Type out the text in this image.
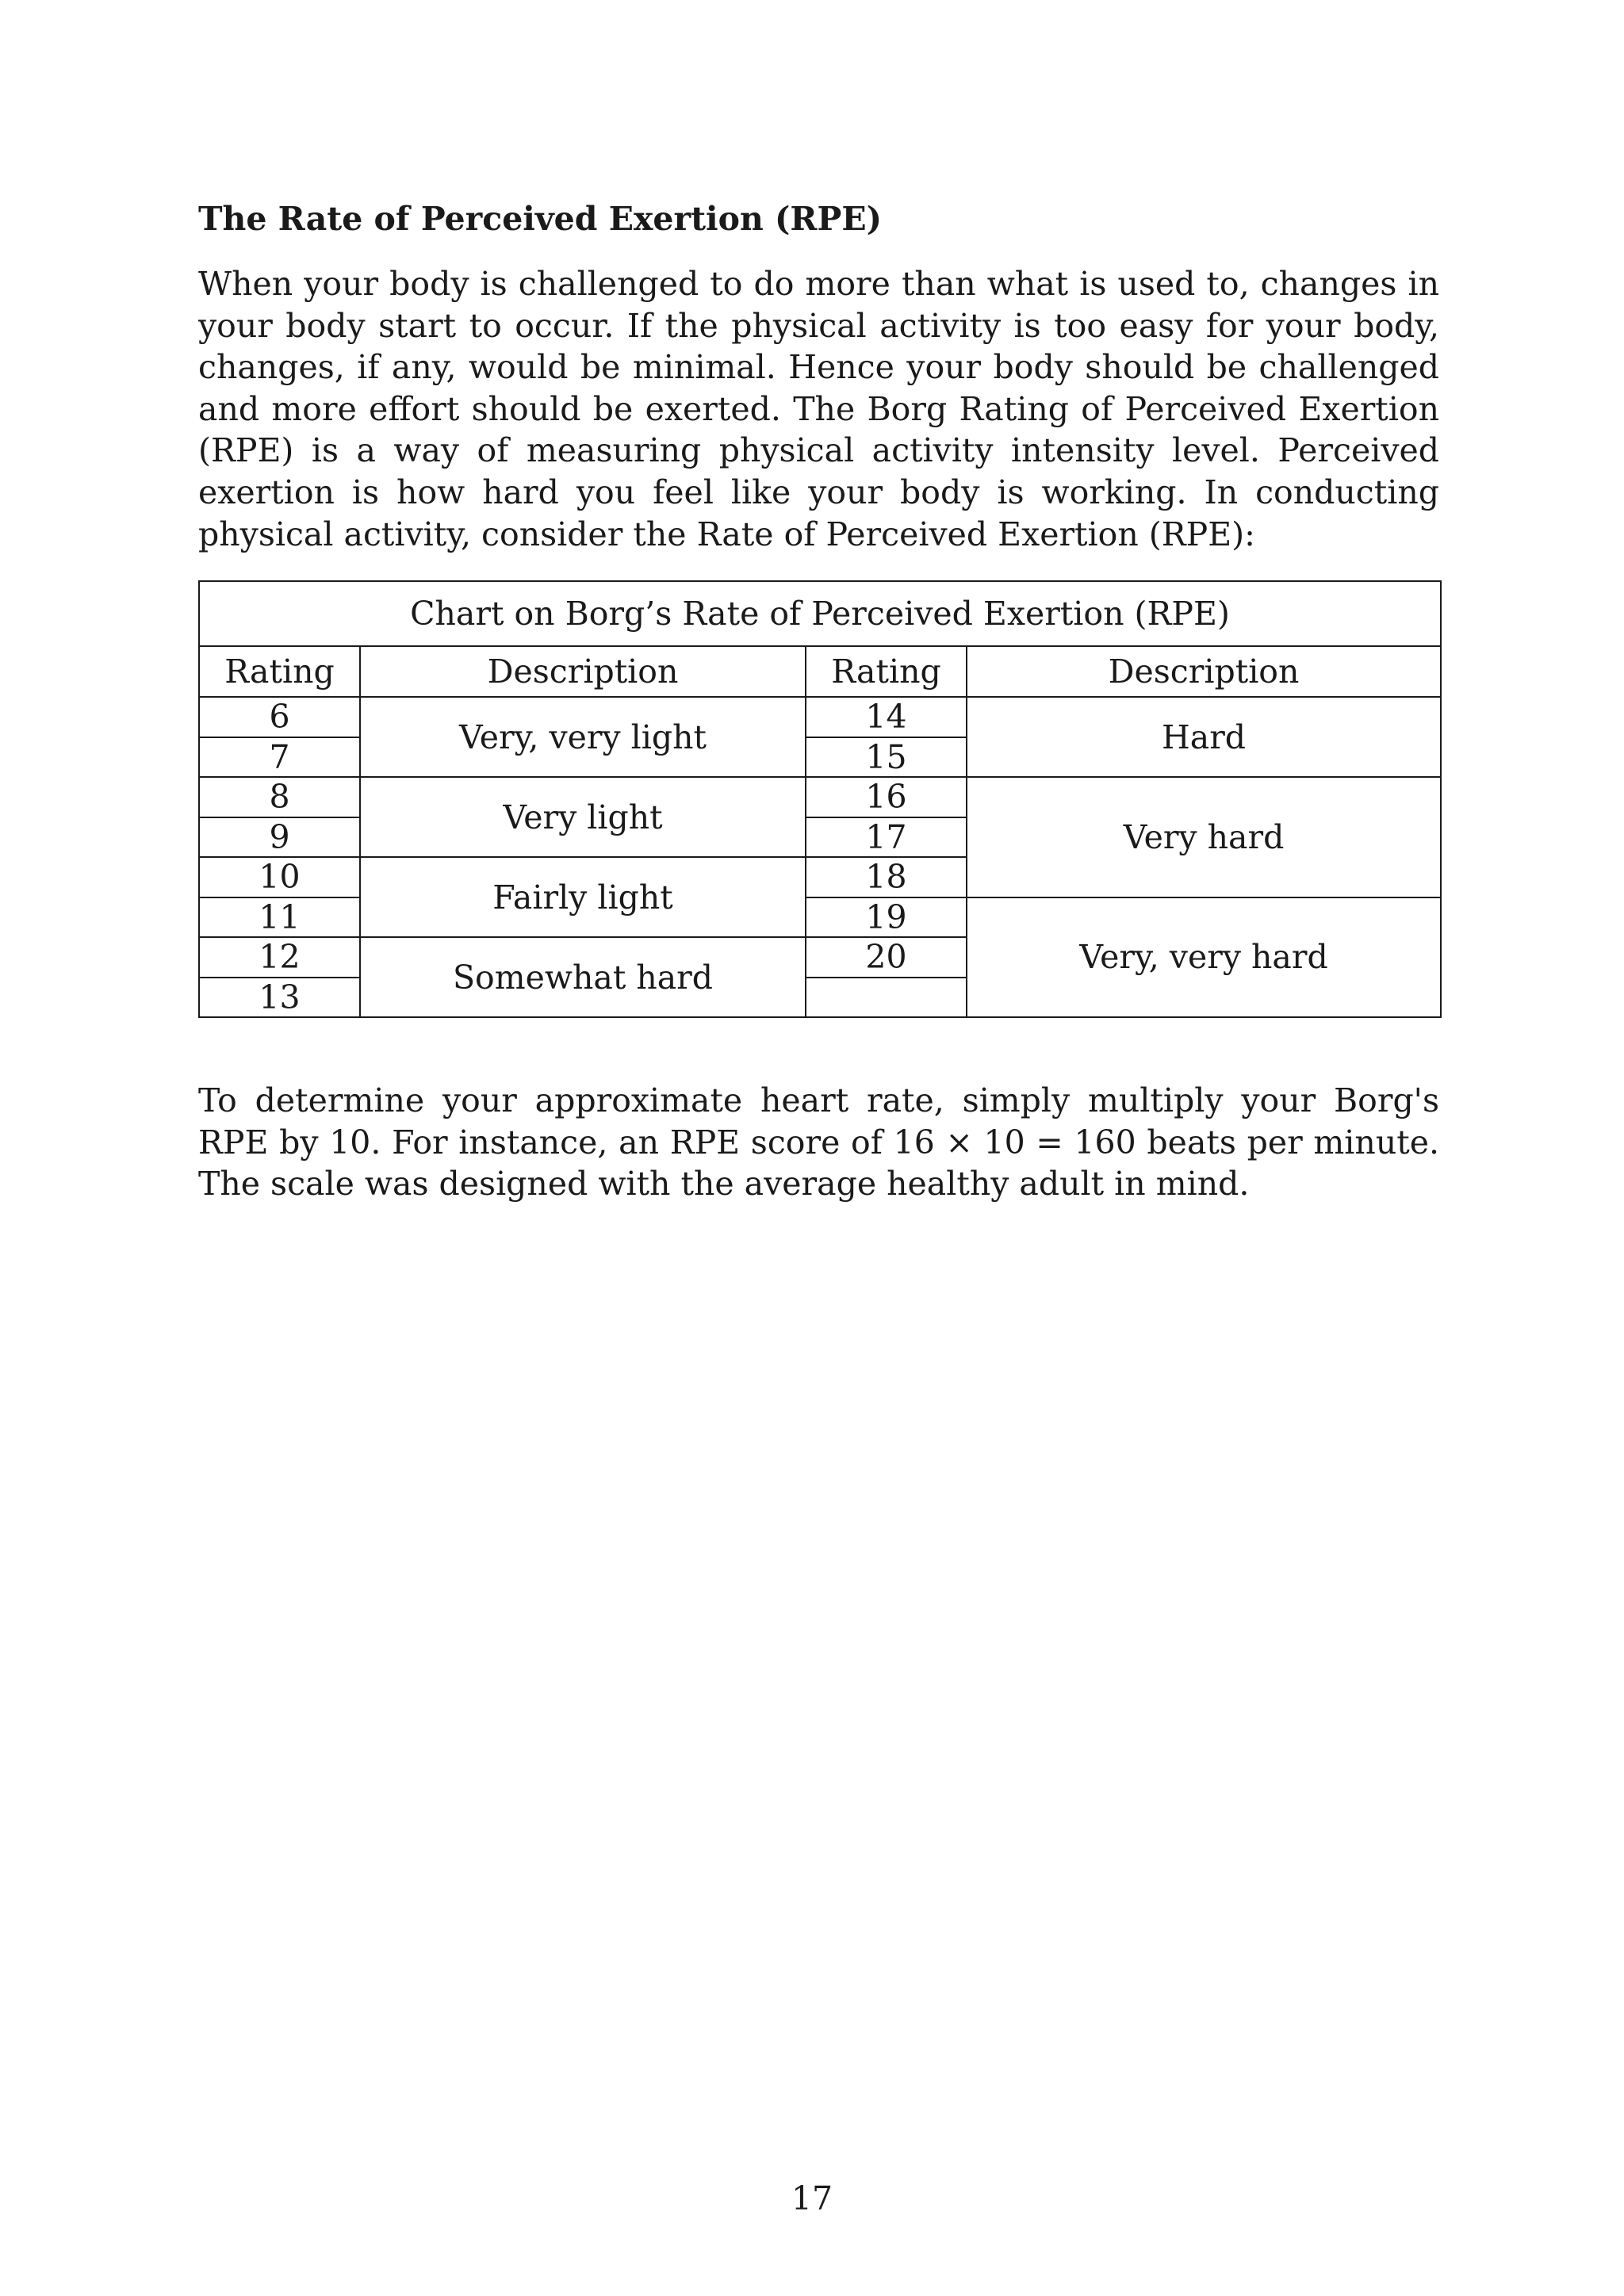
The Rate of Perceived Exertion (RPE)

When your body is challenged to do more than what is used to, changes in your body start to occur. If the physical activity is too easy for your body, changes, if any, would be minimal. Hence your body should be challenged and more effort should be exerted. The Borg Rating of Perceived Exertion (RPE) is a way of measuring physical activity intensity level. Perceived exertion is how hard you feel like your body is working. In conducting physical activity, consider the Rate of Perceived Exertion (RPE):

Chart on Borg’s Rate of Perceived Exertion (RPE)			
Rating	Description	Rating	Description
6	Very, very light	14	Hard
7		15	
8	Very light	16	Very hard
9		17	
10	Fairly light	18	
11		19	Very, very hard
12	Somewhat hard	20	
13			

To determine your approximate heart rate, simply multiply your Borg's RPE by 10. For instance, an RPE score of 16 × 10 = 160 beats per minute. The scale was designed with the average healthy adult in mind.

17
